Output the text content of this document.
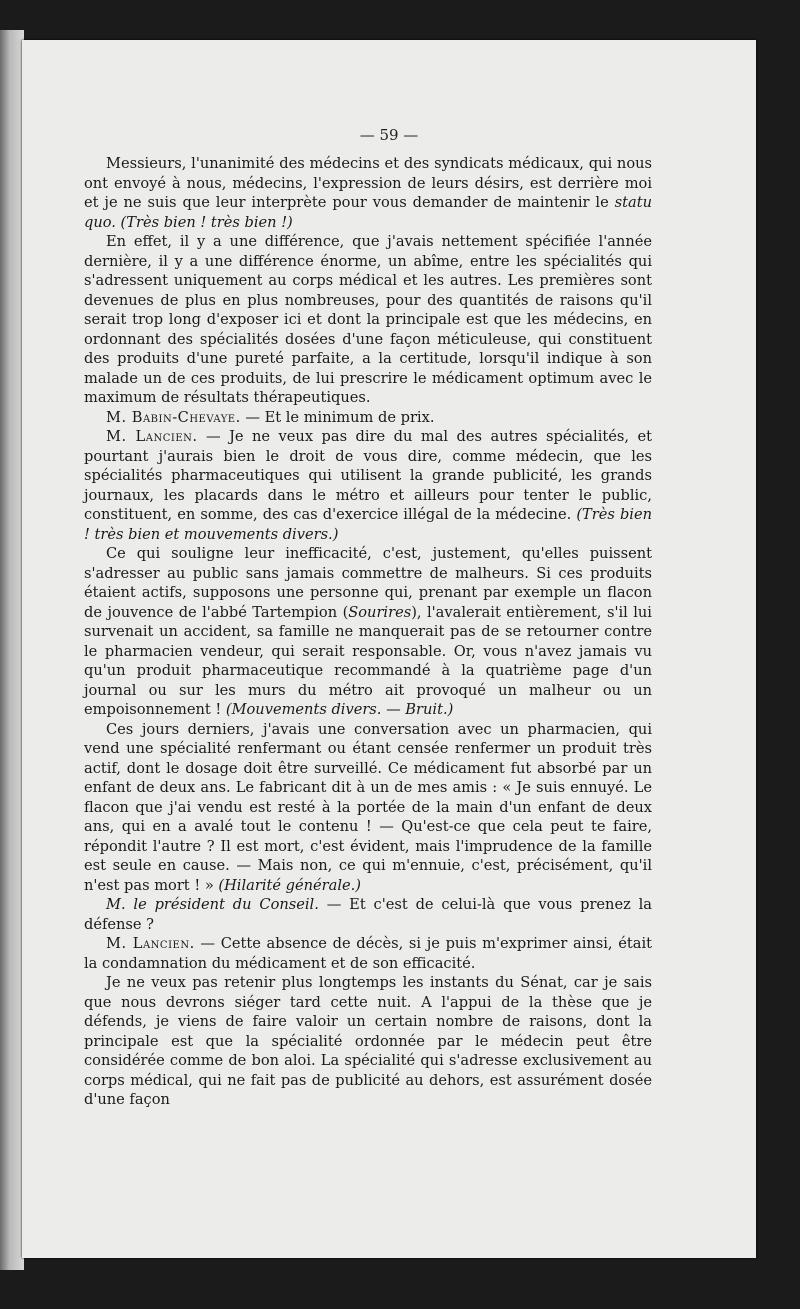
— 59 —

Messieurs, l'unanimité des médecins et des syndicats médicaux, qui nous ont envoyé à nous, médecins, l'expression de leurs désirs, est derrière moi et je ne suis que leur interprète pour vous demander de maintenir le statu quo. (Très bien ! très bien !)

En effet, il y a une différence, que j'avais nettement spécifiée l'année dernière, il y a une différence énorme, un abîme, entre les spécialités qui s'adressent uniquement au corps médical et les autres. Les premières sont devenues de plus en plus nombreuses, pour des quantités de raisons qu'il serait trop long d'exposer ici et dont la principale est que les médecins, en ordonnant des spécialités dosées d'une façon méticuleuse, qui constituent des produits d'une pureté parfaite, a la certitude, lorsqu'il indique à son malade un de ces produits, de lui prescrire le médicament optimum avec le maximum de résultats thérapeutiques.

M. Babin-Chevaye. — Et le minimum de prix.

M. Lancien. — Je ne veux pas dire du mal des autres spécialités, et pourtant j'aurais bien le droit de vous dire, comme médecin, que les spécialités pharmaceutiques qui utilisent la grande publicité, les grands journaux, les placards dans le métro et ailleurs pour tenter le public, constituent, en somme, des cas d'exercice illégal de la médecine. (Très bien ! très bien et mouvements divers.)

Ce qui souligne leur inefficacité, c'est, justement, qu'elles puissent s'adresser au public sans jamais commettre de malheurs. Si ces produits étaient actifs, supposons une personne qui, prenant par exemple un flacon de jouvence de l'abbé Tartempion (Sourires), l'avalerait entièrement, s'il lui survenait un accident, sa famille ne manquerait pas de se retourner contre le pharmacien vendeur, qui serait responsable. Or, vous n'avez jamais vu qu'un produit pharmaceutique recommandé à la quatrième page d'un journal ou sur les murs du métro ait provoqué un malheur ou un empoisonnement ! (Mouvements divers. — Bruit.)

Ces jours derniers, j'avais une conversation avec un pharmacien, qui vend une spécialité renfermant ou étant censée renfermer un produit très actif, dont le dosage doit être surveillé. Ce médicament fut absorbé par un enfant de deux ans. Le fabricant dit à un de mes amis : « Je suis ennuyé. Le flacon que j'ai vendu est resté à la portée de la main d'un enfant de deux ans, qui en a avalé tout le contenu ! — Qu'est-ce que cela peut te faire, répondit l'autre ? Il est mort, c'est évident, mais l'imprudence de la famille est seule en cause. — Mais non, ce qui m'ennuie, c'est, précisément, qu'il n'est pas mort ! » (Hilarité générale.)

M. le président du Conseil. — Et c'est de celui-là que vous prenez la défense ?

M. Lancien. — Cette absence de décès, si je puis m'exprimer ainsi, était la condamnation du médicament et de son efficacité.

Je ne veux pas retenir plus longtemps les instants du Sénat, car je sais que nous devrons siéger tard cette nuit. A l'appui de la thèse que je défends, je viens de faire valoir un certain nombre de raisons, dont la principale est que la spécialité ordonnée par le médecin peut être considérée comme de bon aloi. La spécialité qui s'adresse exclusivement au corps médical, qui ne fait pas de publicité au dehors, est assurément dosée d'une façon
